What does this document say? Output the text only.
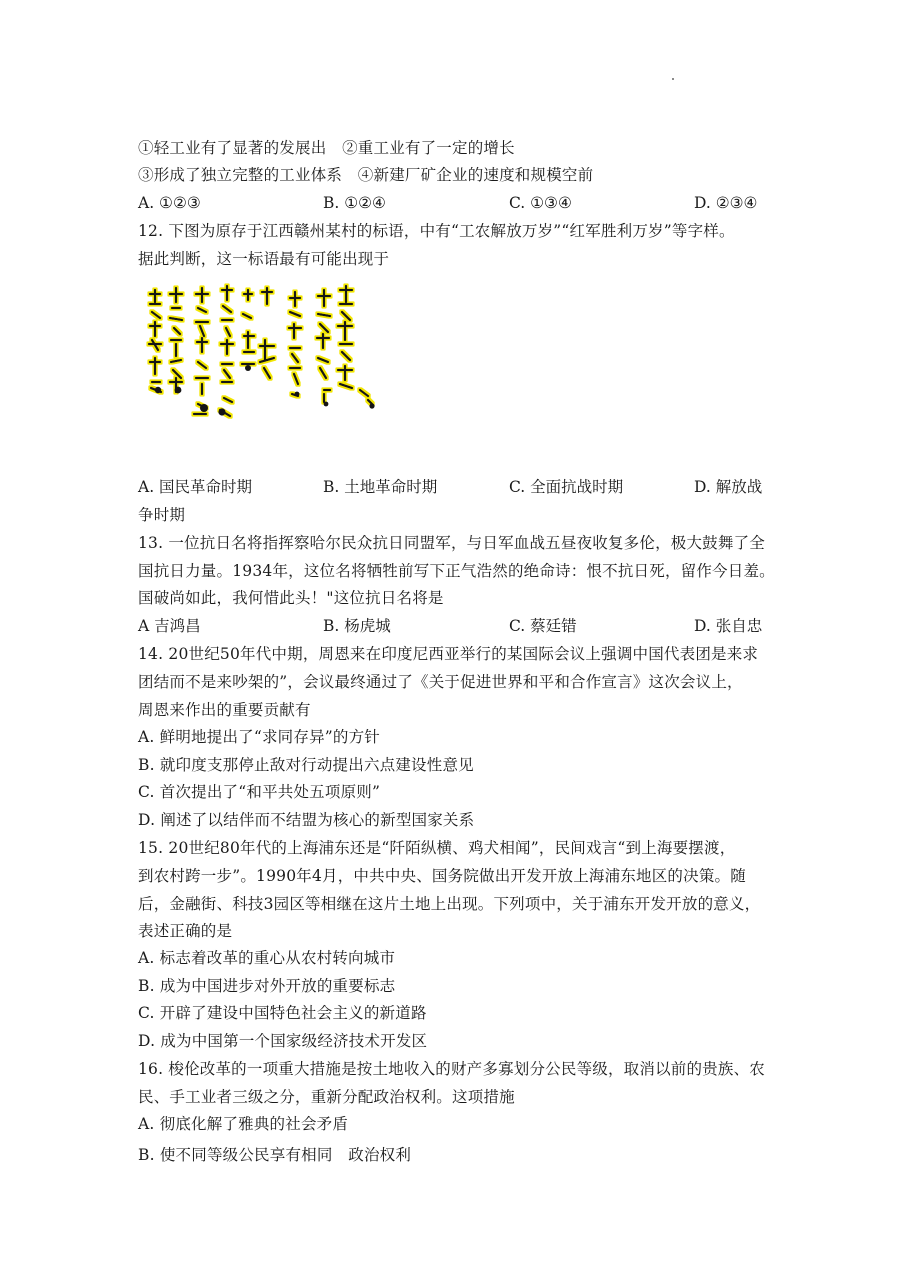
①轻工业有了显著的发展出　②重工业有了一定的增长
③形成了独立完整的工业体系　④新建厂矿企业的速度和规模空前
A. ①②③	B. ①②④	C. ①③④	D. ②③④
12. 下图为原存于江西赣州某村的标语，中有“工农解放万岁”“红军胜利万岁”等字样。
据此判断，这一标语最有可能出现于
A. 国民革命时期	B. 土地革命时期	C. 全面抗战时期	D. 解放战
争时期
13. 一位抗日名将指挥察哈尔民众抗日同盟军，与日军血战五昼夜收复多伦，极大鼓舞了全
国抗日力量。1934年，这位名将牺牲前写下正气浩然的绝命诗：恨不抗日死，留作今日羞。
国破尚如此，我何惜此头！"这位抗日名将是
A 吉鸿昌	B. 杨虎城	C. 蔡廷错	D. 张自忠
14. 20世纪50年代中期，周恩来在印度尼西亚举行的某国际会议上强调中国代表团是来求
团结而不是来吵架的”，会议最终通过了《关于促进世界和平和合作宣言》这次会议上，
周恩来作出的重要贡献有
A. 鲜明地提出了“求同存异”的方针
B. 就印度支那停止敌对行动提出六点建设性意见
C. 首次提出了“和平共处五项原则”
D. 阐述了以结伴而不结盟为核心的新型国家关系
15. 20世纪80年代的上海浦东还是“阡陌纵横、鸡犬相闻”，民间戏言“到上海要摆渡，
到农村跨一步”。1990年4月，中共中央、国务院做出开发开放上海浦东地区的决策。随
后，金融街、科技3园区等相继在这片土地上出现。下列项中，关于浦东开发开放的意义，
表述正确的是
A. 标志着改革的重心从农村转向城市
B. 成为中国进步对外开放的重要标志
C. 开辟了建设中国特色社会主义的新道路
D. 成为中国第一个国家级经济技术开发区
16. 梭伦改革的一项重大措施是按土地收入的财产多寡划分公民等级，取消以前的贵族、农
民、手工业者三级之分，重新分配政治权利。这项措施
A. 彻底化解了雅典的社会矛盾
B. 使不同等级公民享有相同　政治权利
